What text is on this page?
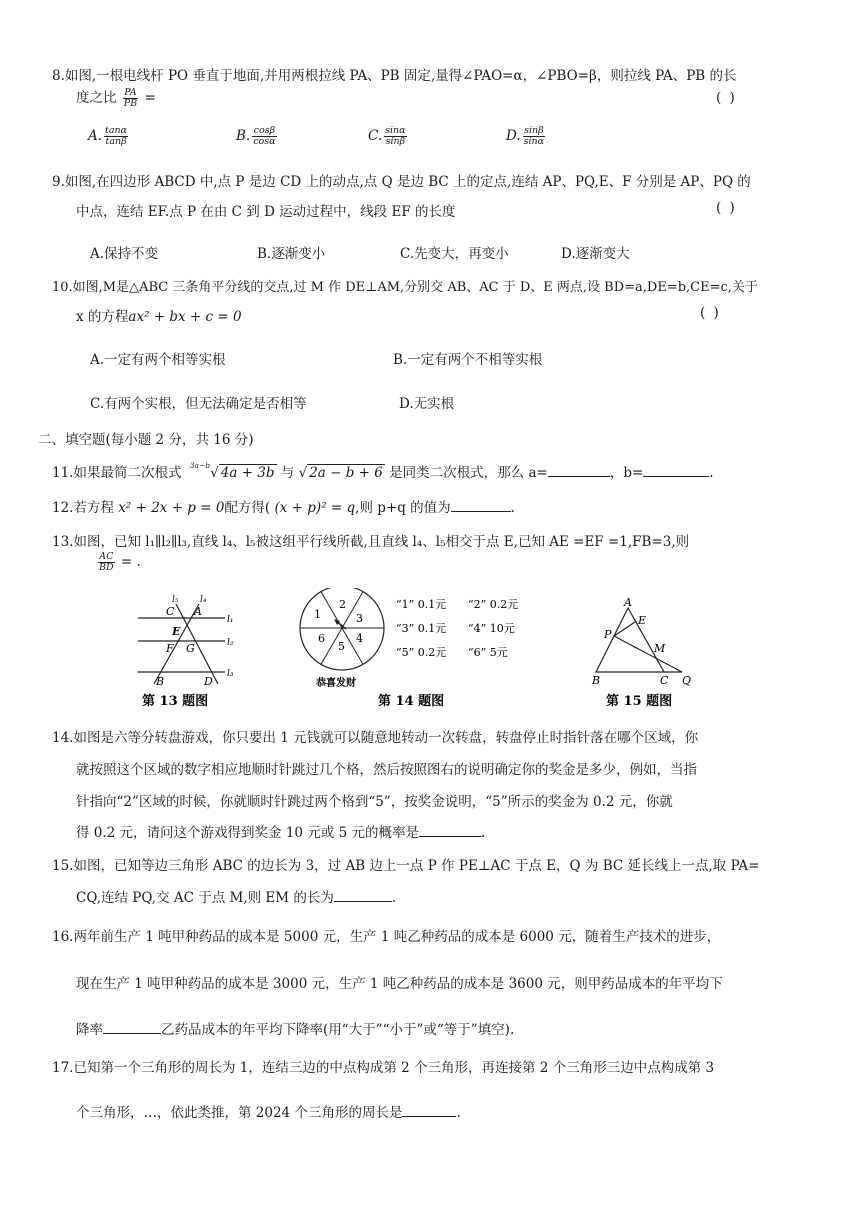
8.如图,一根电线杆 PO 垂直于地面,并用两根拉线 PA、PB 固定,量得∠PAO=α，∠PBO=β，则拉线 PA、PB 的长
度之比 $\frac{PA}{PB}$ =	( )
A. $\frac{\tan\alpha}{\tan\beta}$	B. $\frac{\cos\beta}{\cos\alpha}$	C. $\frac{\sin\alpha}{\sin\beta}$	D. $\frac{\sin\beta}{\sin\alpha}$
9.如图,在四边形 ABCD 中,点 P 是边 CD 上的动点,点 Q 是边 BC 上的定点,连结 AP、PQ,E、F 分别是 AP、PQ 的
中点，连结 EF.点 P 在由 C 到 D 运动过程中，线段 EF 的长度	( )
A.保持不变	B.逐渐变小	C.先变大，再变小	D.逐渐变大
10.如图,M是△ABC 三条角平分线的交点,过 M 作 DE⊥AM,分别交 AB、AC 于 D、E 两点,设 BD=a,DE=b,CE=c,关于
x 的方程ax² + bx + c = 0	( )
A.一定有两个相等实根	B.一定有两个不相等实根
C.有两个实根，但无法确定是否相等	D.无实根
二、填空题(每小题 2 分，共 16 分)
11.如果最简二次根式 $^{3a-b}$√ 4a + 3b 与 √ 2a − b + 6 是同类二次根式，那么 a=	，b=	.
12.若方程 x² + 2x + p = 0配方得( (x + p)² = q,则 p+q 的值为	.
13.如图，已知 l₁∥l₂∥l₃,直线 l₄、l₅被这组平行线所截,且直线 l₄、l₅相交于点 E,已知 AE =EF =1,FB=3,则
$\frac{AC}{BD}$ = .
l₅ l₄
C A
l₁
E
l₂
F G
B	D
l₃
第 13 题图
1
2
3
4
5
6
恭喜发财
“1” 0.1元 “2” 0.2元
“3” 0.1元 “4” 10元
“5” 0.2元 “6” 5元
第 14 题图
A
E
P
M
B	C Q
第 15 题图
14.如图是六等分转盘游戏，你只要出 1 元钱就可以随意地转动一次转盘，转盘停止时指针落在哪个区域，你
就按照这个区域的数字相应地顺时针跳过几个格，然后按照图右的说明确定你的奖金是多少，例如，当指
针指向“2”区域的时候，你就顺时针跳过两个格到“5”，按奖金说明，“5”所示的奖金为 0.2 元，你就
得 0.2 元，请问这个游戏得到奖金 10 元或 5 元的概率是	.
15.如图，已知等边三角形 ABC 的边长为 3，过 AB 边上一点 P 作 PE⊥AC 于点 E，Q 为 BC 延长线上一点,取 PA=
CQ,连结 PQ,交 AC 于点 M,则 EM 的长为	.
16.两年前生产 1 吨甲种药品的成本是 5000 元，生产 1 吨乙种药品的成本是 6000 元，随着生产技术的进步，
现在生产 1 吨甲种药品的成本是 3000 元，生产 1 吨乙种药品的成本是 3600 元，则甲药品成本的年平均下
降率	乙药品成本的年平均下降率(用“大于”“小于”或“等于”填空).
17.已知第一个三角形的周长为 1，连结三边的中点构成第 2 个三角形，再连接第 2 个三角形三边中点构成第 3
个三角形，…，依此类推，第 2024 个三角形的周长是	.
